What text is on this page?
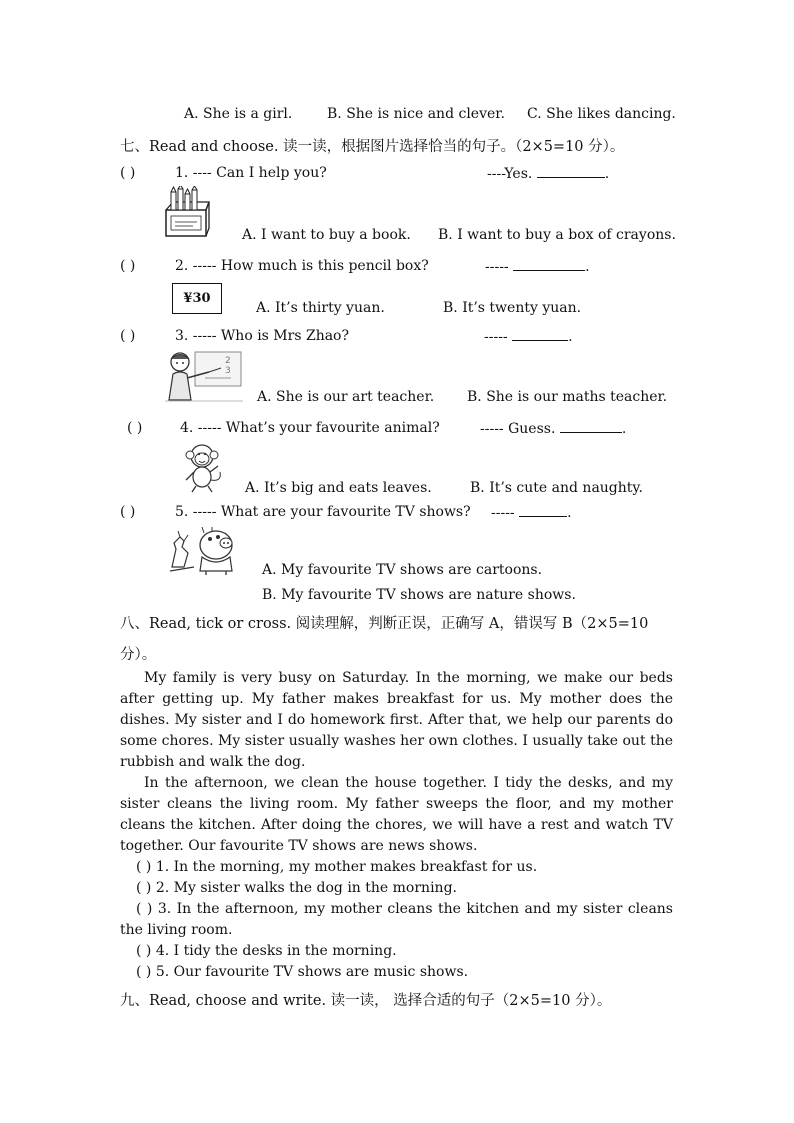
A. She is a girl. B. She is nice and clever. C. She likes dancing.
七、Read and choose. 读一读，根据图片选择恰当的句子。（2×5=10 分）。
( )	1. ---- Can I help you?	----Yes.	.
A. I want to buy a book. B. I want to buy a box of crayons.
( )	2. ----- How much is this pencil box?	-----	.
¥30
A. It’s thirty yuan.	B. It’s twenty yuan.
( )	3. ----- Who is Mrs Zhao?	-----	.
2
3
A. She is our art teacher. B. She is our maths teacher.
( )	4. ----- What’s your favourite animal?	----- Guess.	.
A. It’s big and eats leaves.	B. It’s cute and naughty.
( )	5. ----- What are your favourite TV shows? -----	.
A. My favourite TV shows are cartoons.
B. My favourite TV shows are nature shows.
八、Read, tick or cross. 阅读理解，判断正误，正确写 A，错误写 B（2×5=10
分）。

My family is very busy on Saturday. In the morning, we make our beds after getting up. My father makes breakfast for us. My mother does the dishes. My sister and I do homework first. After that, we help our parents do some chores. My sister usually washes her own clothes. I usually take out the rubbish and walk the dog.

In the afternoon, we clean the house together. I tidy the desks, and my sister cleans the living room. My father sweeps the floor, and my mother cleans the kitchen. After doing the chores, we will have a rest and watch TV together. Our favourite TV shows are news shows.

( ) 1. In the morning, my mother makes breakfast for us.

( ) 2. My sister walks the dog in the morning.

( ) 3. In the afternoon, my mother cleans the kitchen and my sister cleans the living room.

( ) 4. I tidy the desks in the morning.

( ) 5. Our favourite TV shows are music shows.

九、Read, choose and write. 读一读， 选择合适的句子（2×5=10 分）。
